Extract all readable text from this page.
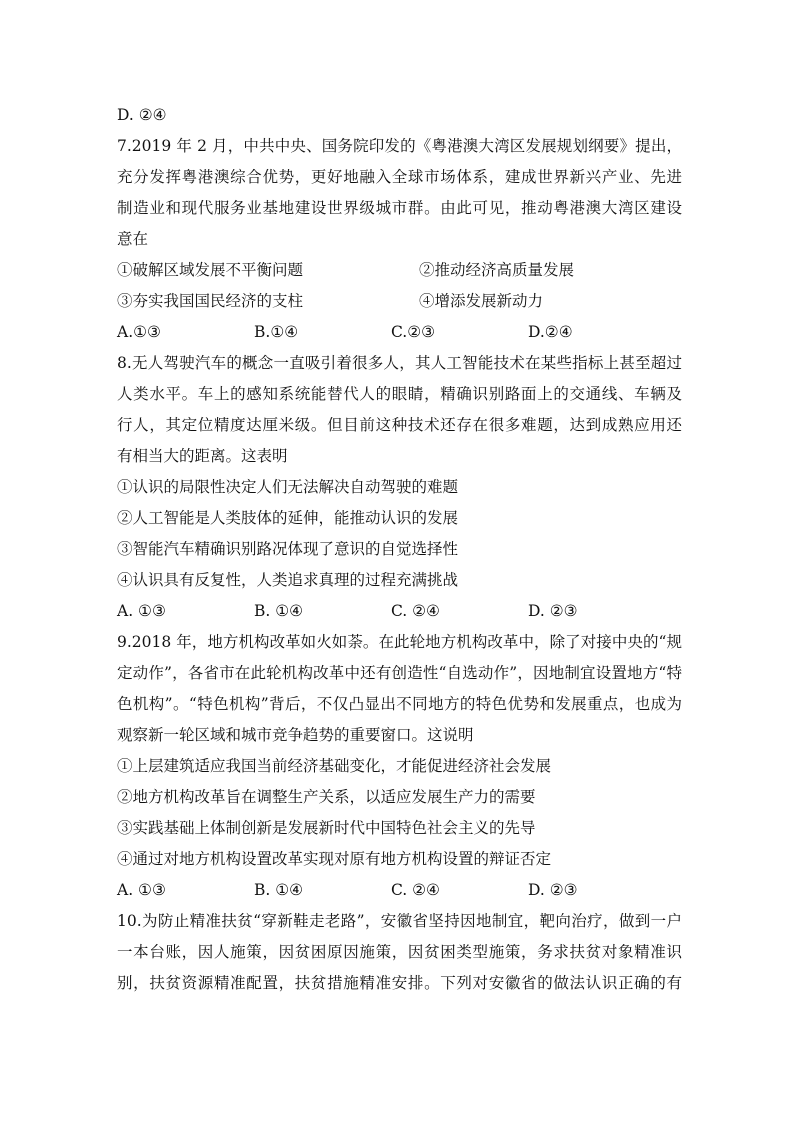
D. ②④
7.2019 年 2 月，中共中央、国务院印发的《粤港澳大湾区发展规划纲要》提出，
充分发挥粤港澳综合优势，更好地融入全球市场体系，建成世界新兴产业、先进
制造业和现代服务业基地建设世界级城市群。由此可见，推动粤港澳大湾区建设
意在
①破解区域发展不平衡问题	②推动经济高质量发展
③夯实我国国民经济的支柱	④增添发展新动力
A.①③	B.①④	C.②③	D.②④
8.无人驾驶汽车的概念一直吸引着很多人，其人工智能技术在某些指标上甚至超过
人类水平。车上的感知系统能替代人的眼睛，精确识别路面上的交通线、车辆及
行人，其定位精度达厘米级。但目前这种技术还存在很多难题，达到成熟应用还
有相当大的距离。这表明
①认识的局限性决定人们无法解决自动驾驶的难题
②人工智能是人类肢体的延伸，能推动认识的发展
③智能汽车精确识别路况体现了意识的自觉选择性
④认识具有反复性，人类追求真理的过程充满挑战
A. ①③	B. ①④	C. ②④	D. ②③
9.2018 年，地方机构改革如火如荼。在此轮地方机构改革中，除了对接中央的“规
定动作”，各省市在此轮机构改革中还有创造性“自选动作”，因地制宜设置地方“特
色机构”。“特色机构”背后，不仅凸显出不同地方的特色优势和发展重点，也成为
观察新一轮区域和城市竞争趋势的重要窗口。这说明
①上层建筑适应我国当前经济基础变化，才能促进经济社会发展
②地方机构改革旨在调整生产关系，以适应发展生产力的需要
③实践基础上体制创新是发展新时代中国特色社会主义的先导
④通过对地方机构设置改革实现对原有地方机构设置的辩证否定
A. ①③	B. ①④	C. ②④	D. ②③
10.为防止精准扶贫“穿新鞋走老路”，安徽省坚持因地制宜，靶向治疗，做到一户
一本台账，因人施策，因贫困原因施策，因贫困类型施策，务求扶贫对象精准识
别，扶贫资源精准配置，扶贫措施精准安排。下列对安徽省的做法认识正确的有
